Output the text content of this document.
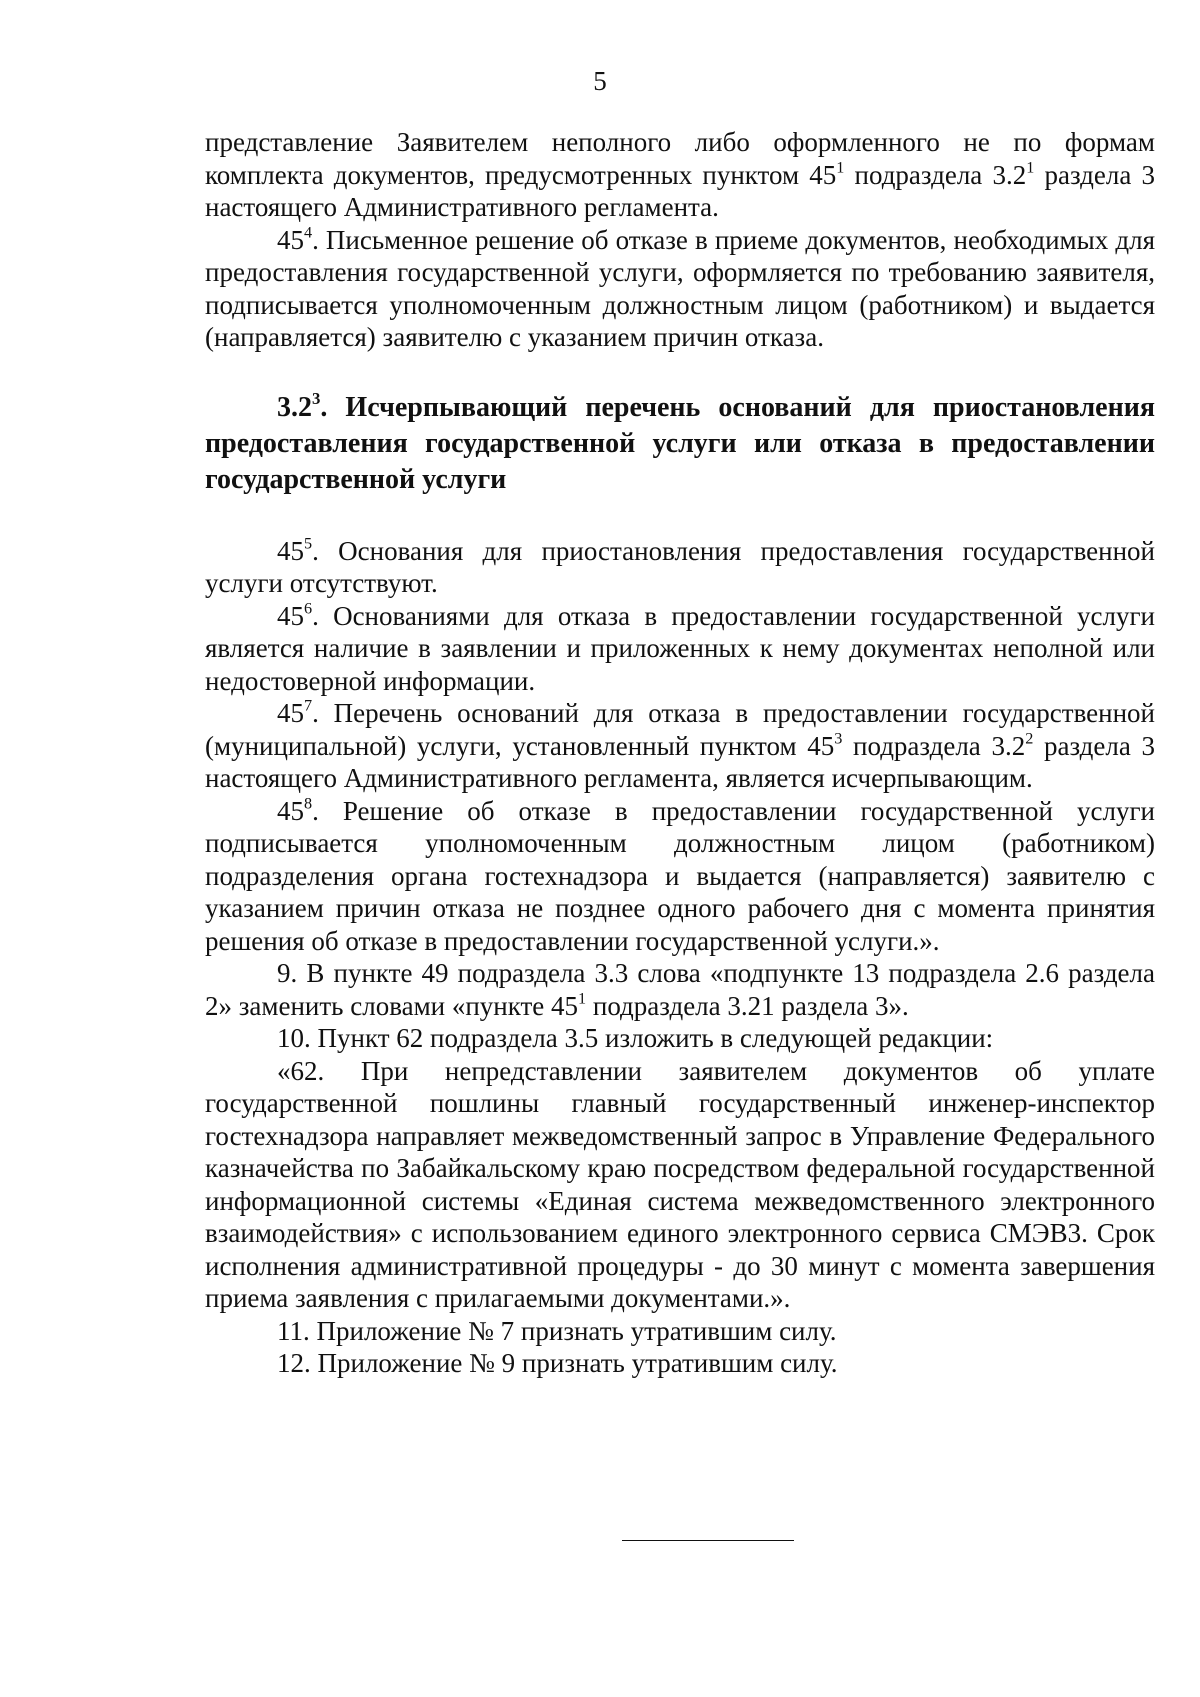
5

представление Заявителем неполного либо оформленного не по формам комплекта документов, предусмотренных пунктом $45^1$ подраздела $3.2^1$ раздела 3 настоящего Административного регламента.

$45^4$. Письменное решение об отказе в приеме документов, необходимых для предоставления государственной услуги, оформляется по требованию заявителя, подписывается уполномоченным должностным лицом (работником) и выдается (направляется) заявителю с указанием причин отказа.

$3.2^3$. Исчерпывающий перечень оснований для приостановления предоставления государственной услуги или отказа в предоставлении государственной услуги

$45^5$. Основания для приостановления предоставления государственной услуги отсутствуют.

$45^6$. Основаниями для отказа в предоставлении государственной услуги является наличие в заявлении и приложенных к нему документах неполной или недостоверной информации.

$45^7$. Перечень оснований для отказа в предоставлении государственной (муниципальной) услуги, установленный пунктом $45^3$ подраздела $3.2^2$ раздела 3 настоящего Административного регламента, является исчерпывающим.

$45^8$. Решение об отказе в предоставлении государственной услуги подписывается уполномоченным должностным лицом (работником) подразделения органа гостехнадзора и выдается (направляется) заявителю с указанием причин отказа не позднее одного рабочего дня с момента принятия решения об отказе в предоставлении государственной услуги.».

9. В пункте 49 подраздела 3.3 слова «подпункте 13 подраздела 2.6 раздела 2» заменить словами «пункте $45^1$ подраздела 3.21 раздела 3».

10. Пункт 62 подраздела 3.5 изложить в следующей редакции:

«62. При непредставлении заявителем документов об уплате государственной пошлины главный государственный инженер-инспектор гостехнадзора направляет межведомственный запрос в Управление Федерального казначейства по Забайкальскому краю посредством федеральной государственной информационной системы «Единая система межведомственного электронного взаимодействия» с использованием единого электронного сервиса СМЭВ3. Срок исполнения административной процедуры - до 30 минут с момента завершения приема заявления с прилагаемыми документами.».

11. Приложение № 7 признать утратившим силу.

12. Приложение № 9 признать утратившим силу.
